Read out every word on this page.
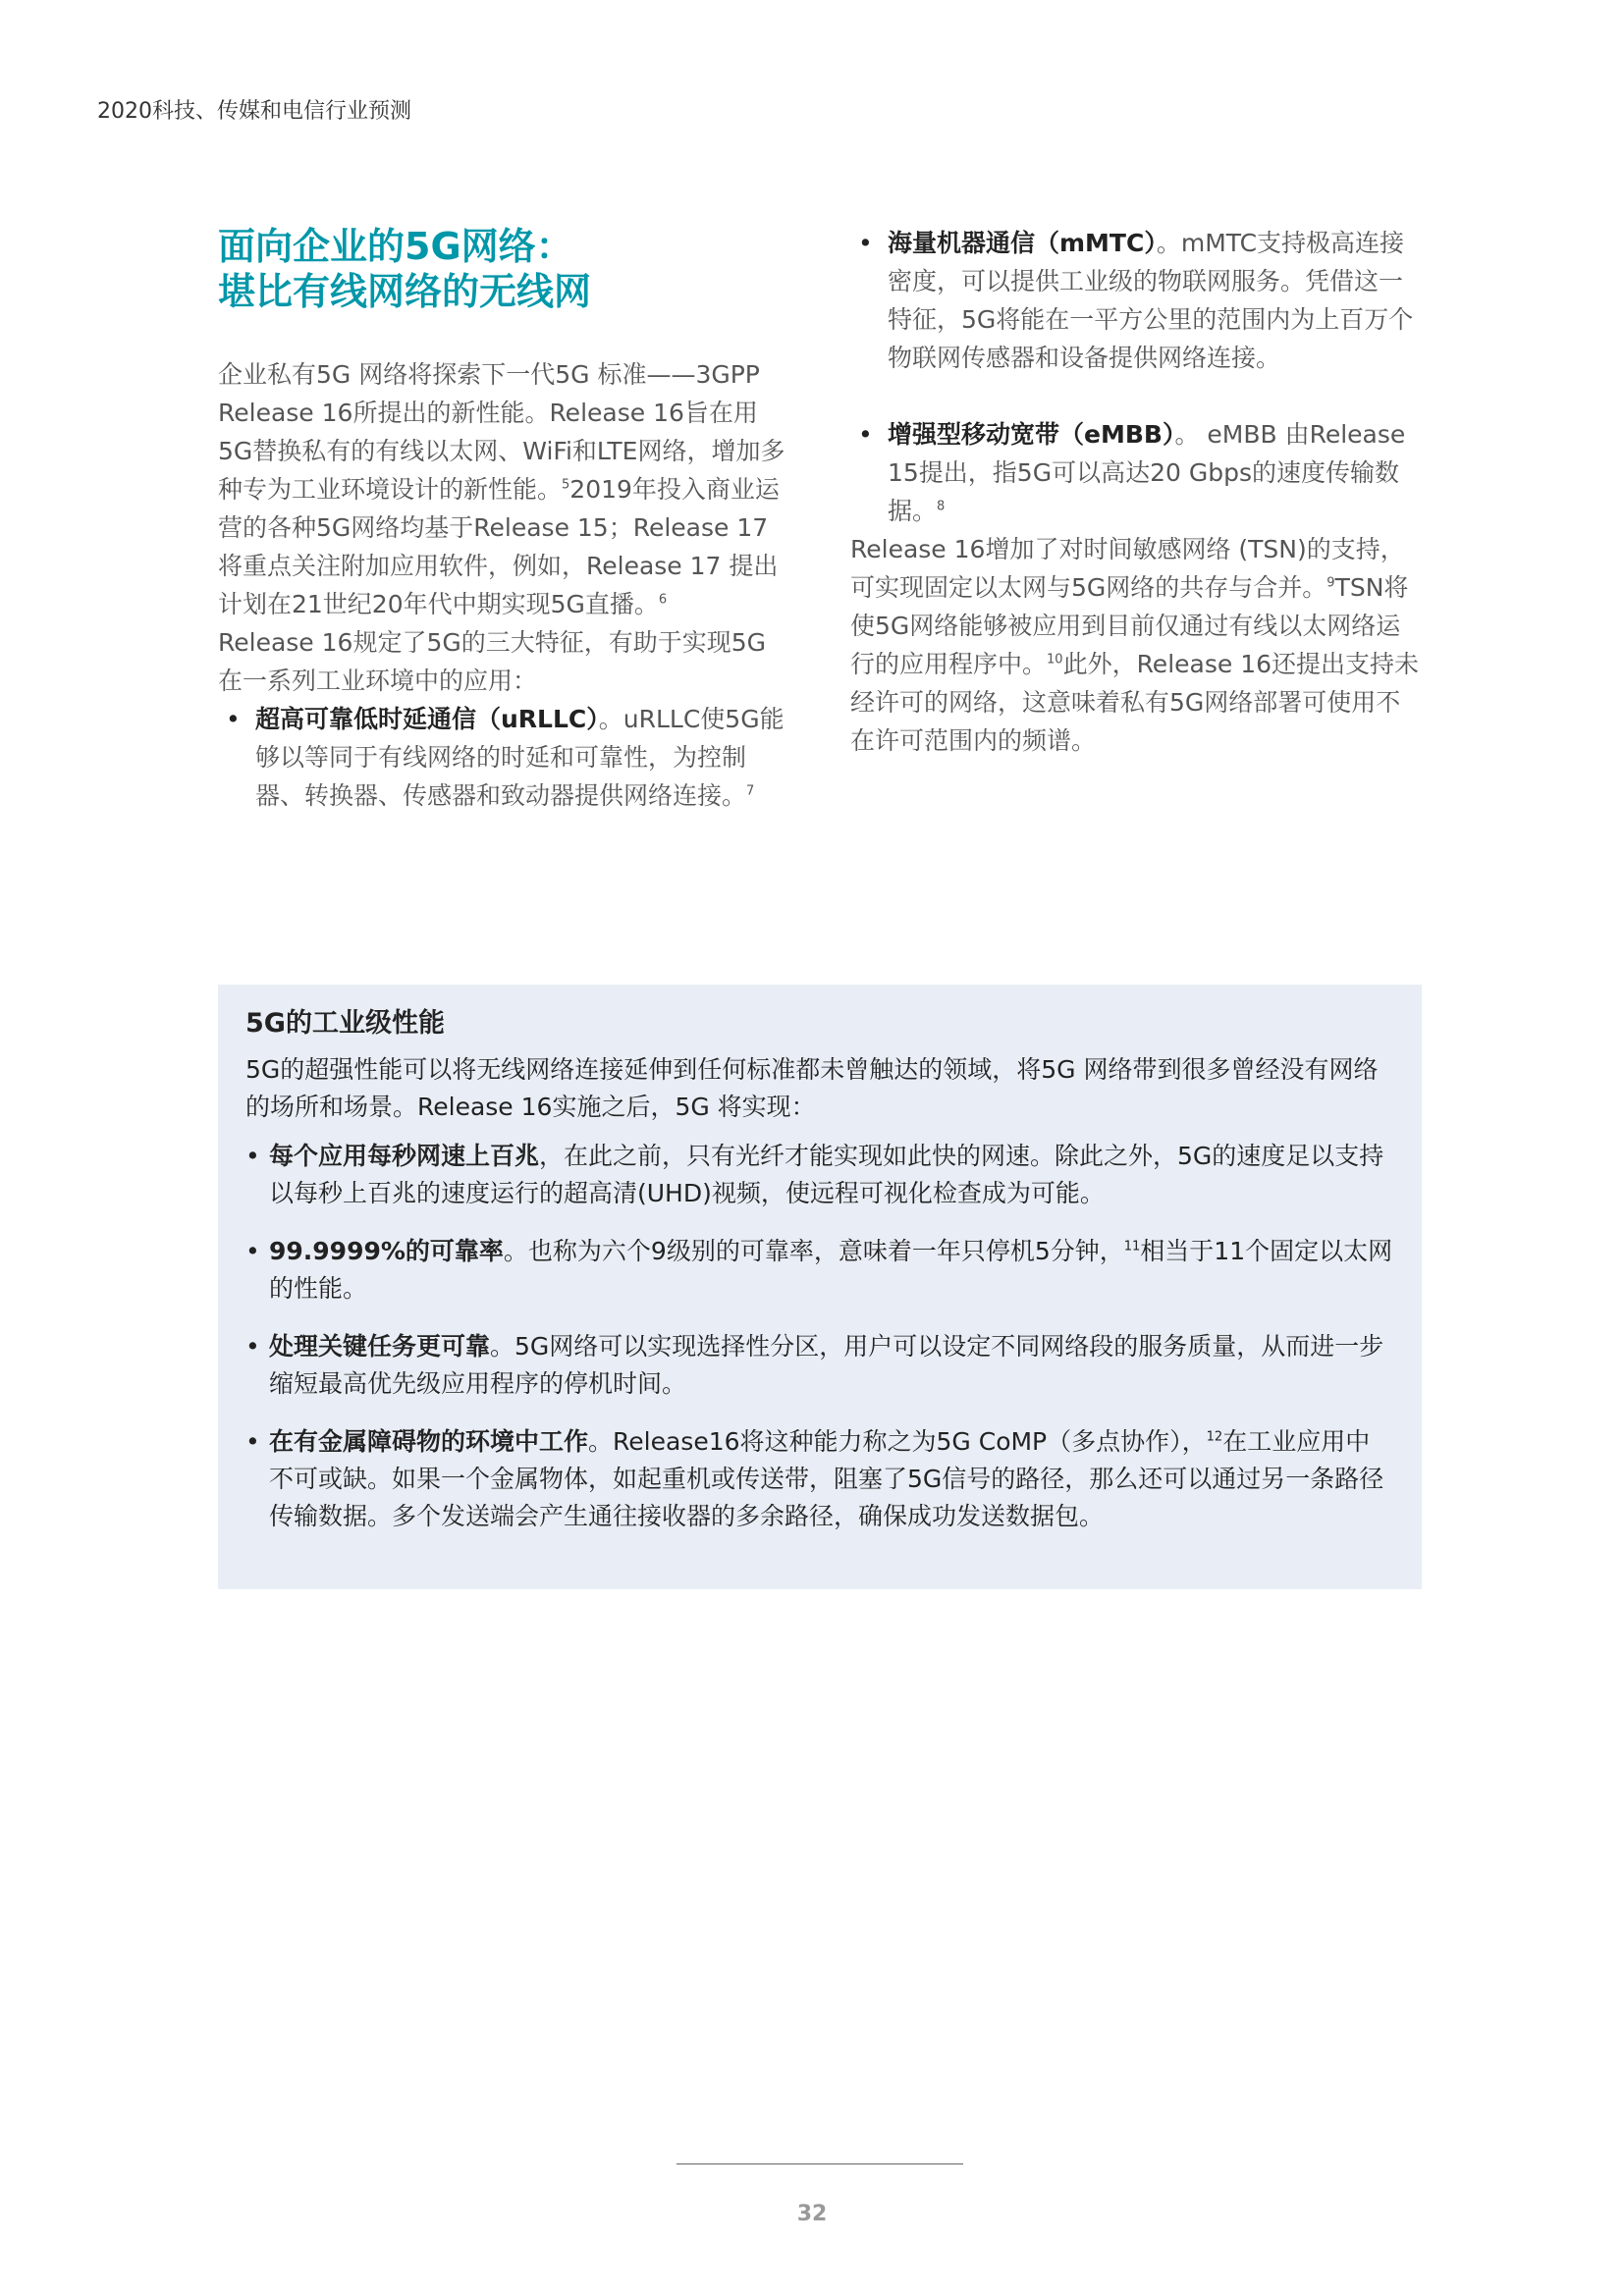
2020科技、传媒和电信行业预测
面向企业的5G网络：
堪比有线网络的无线网

企业私有5G 网络将探索下一代5G 标准——3GPP Release 16所提出的新性能。Release 16旨在用5G替换私有的有线以太网、WiFi和LTE网络，增加多种专为工业环境设计的新性能。$^5$2019年投入商业运营的各种5G网络均基于Release 15；Release 17 将重点关注附加应用软件，例如，Release 17 提出计划在21世纪20年代中期实现5G直播。$^6$

Release 16规定了5G的三大特征，有助于实现5G 在一系列工业环境中的应用：

• 超高可靠低时延通信（uRLLC）。uRLLC使5G能够以等同于有线网络的时延和可靠性，为控制器、转换器、传感器和致动器提供网络连接。$^7$
• 海量机器通信（mMTC）。mMTC支持极高连接密度，可以提供工业级的物联网服务。凭借这一特征，5G将能在一平方公里的范围内为上百万个物联网传感器和设备提供网络连接。
• 增强型移动宽带（eMBB）。 eMBB 由Release 15提出，指5G可以高达20 Gbps的速度传输数据。$^8$

Release 16增加了对时间敏感网络 (TSN)的支持，可实现固定以太网与5G网络的共存与合并。$^9$TSN将使5G网络能够被应用到目前仅通过有线以太网络运行的应用程序中。$^{10}$此外，Release 16还提出支持未经许可的网络，这意味着私有5G网络部署可使用不在许可范围内的频谱。

5G的工业级性能

5G的超强性能可以将无线网络连接延伸到任何标准都未曾触达的领域，将5G 网络带到很多曾经没有网络的场所和场景。Release 16实施之后，5G 将实现：

• 每个应用每秒网速上百兆，在此之前，只有光纤才能实现如此快的网速。除此之外，5G的速度足以支持以每秒上百兆的速度运行的超高清(UHD)视频，使远程可视化检查成为可能。
• 99.9999%的可靠率。也称为六个9级别的可靠率，意味着一年只停机5分钟，$^{11}$相当于11个固定以太网的性能。
• 处理关键任务更可靠。5G网络可以实现选择性分区，用户可以设定不同网络段的服务质量，从而进一步缩短最高优先级应用程序的停机时间。
• 在有金属障碍物的环境中工作。Release16将这种能力称之为5G CoMP（多点协作），$^{12}$在工业应用中不可或缺。如果一个金属物体，如起重机或传送带，阻塞了5G信号的路径，那么还可以通过另一条路径传输数据。多个发送端会产生通往接收器的多余路径，确保成功发送数据包。
32
